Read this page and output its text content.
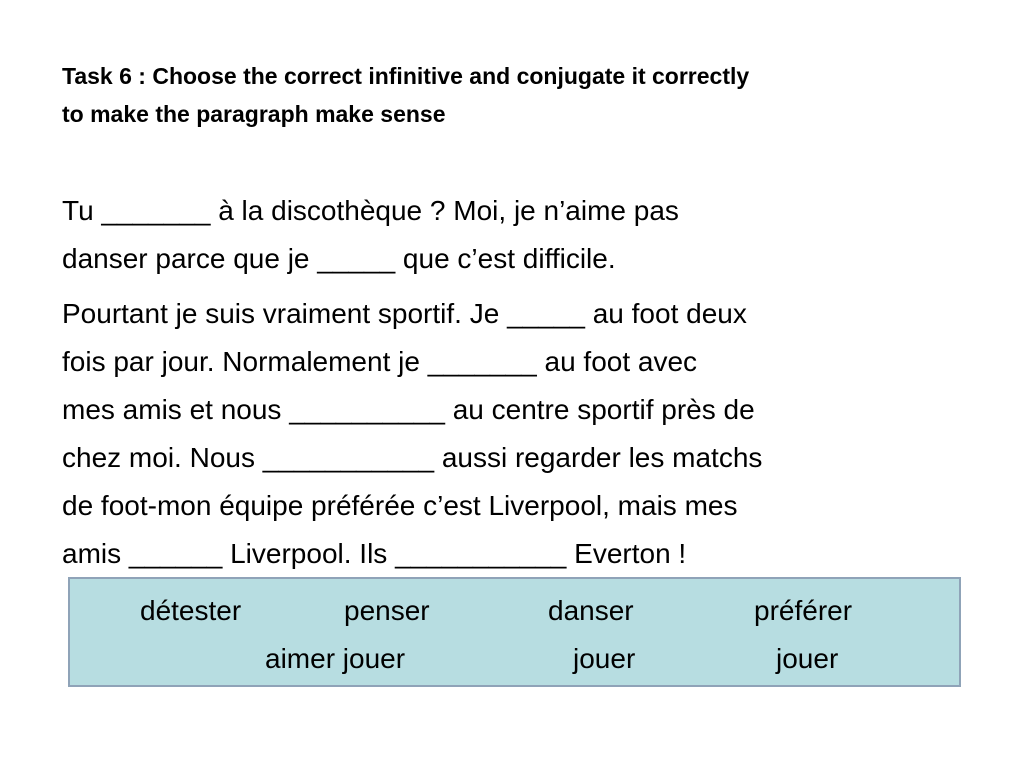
Task 6 : Choose the correct infinitive and conjugate it correctly
to make the paragraph make sense

Tu _______ à la discothèque ? Moi, je n’aime pas
danser parce que je _____ que c’est difficile.

Pourtant je suis vraiment sportif. Je _____ au foot deux
fois par jour. Normalement je _______ au foot avec
mes amis et nous __________ au centre sportif près de
chez moi. Nous ___________ aussi regarder les matchs
de foot-mon équipe préférée c’est Liverpool, mais mes
amis ______ Liverpool. Ils ___________ Everton !

détester	penser	danser	préférer
aimer jouer	jouer	jouer
